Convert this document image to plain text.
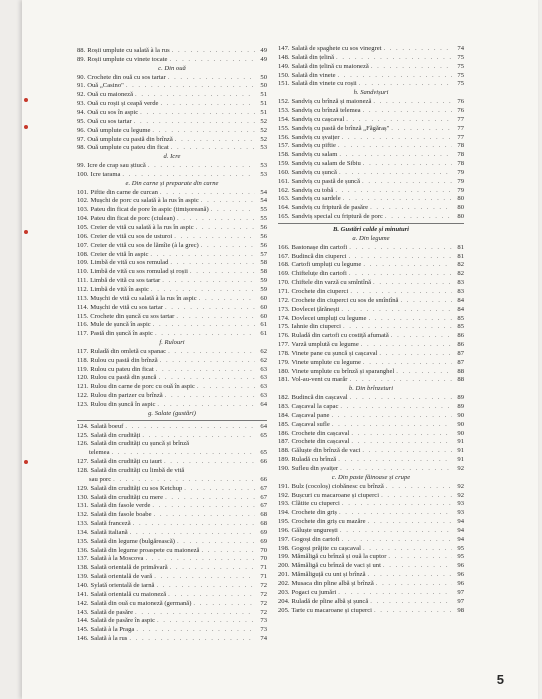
88. Roșii umplute cu salată à la rus . . .	49
89. Roșii umplute cu vinete tocate . . .	49
c. Din ouă
90. Crochete din ouă cu sos tartar . . .	50
91. Ouă „Casino" . . .	50
92. Ouă cu maioneză . . .	51
93. Ouă cu roșii și ceapă verde . . .	51
94. Ouă cu sos în aspic . . .	51
95. Ouă cu sos tartar . . .	52
96. Ouă umplute cu legume . . .	52
97. Ouă umplute cu pastă din brînză . . .	52
98. Ouă umplute cu pateu din ficat . . .	53
d. Icre
99. Icre de crap sau știucă . . .	53
100. Icre tarama . . .	53
e. Din carne și preparate din carne
101. Piftie din carne de curcan . . .	54
102. Mușchi de porc cu salată à la rus în aspic . . .	54
103. Pateu din ficat de pore în aspic (timișoreană) . . .	55
104. Pateu din ficat de porc (ciulean) . . .	55
105. Creier de vită cu salată à la rus în aspic . . .	56
106. Creier de vită cu sos de usturoi . . .	56
107. Creier de vită cu sos de lămîie (à la grec) . . .	56
108. Creier de vită în aspic . . .	57
109. Limbă de vită cu sos remulad . . .	58
110. Limbă de vită cu sos romulad și roșii . . .	58
111. Limbă de vită cu sos tartar . . .	59
112. Limbă de vită în aspic . . .	59
113. Mușchi de vită cu salată à la rus în aspic . . .	60
114. Mușchi de vită cu sos tartar . . .	60
115. Crochete din șuncă cu sos tartar . . .	60
116. Mule de șuncă în aspic . . .	61
117. Pastă din șuncă în aspic . . .	61
f. Rulouri
117. Ruladă din omletă cu spanac . . .	62
118. Rulou cu pastă din brînză . . .	62
119. Rulou cu pateu din ficat . . .	63
120. Rulou cu pastă din șuncă . . .	63
121. Rulou din carne de porc cu ouă în aspic . . .	63
122. Rulou din parizer cu brînză . . .	63
123. Rulou din șuncă în aspic . . .	64
g. Salate (gustări)
124. Salată boeuf . . .	64
125. Salată din crudități . . .	65
126. Salată din crudități cu șuncă și brînză
telemea . . .	65
127. Salată din crudități cu iaurt . . .	66
128. Salată din crudități cu limbă de vită
sau porc . . .	66
129. Salată din crudități cu sos Ketchup . . .	67
130. Salată din crudități cu mere . . .	67
131. Salată din fasole verde . . .	67
132. Salată din fasole boabe . . .	68
133. Salată franceză . . .	68
134. Salată italiană . . .	69
135. Salată din legume (bulgărească) . . .	69
136. Salată din legume proaspete cu maioneză . . .	70
137. Salată à la Moscova . . .	70
138. Salată orientală de primăvară . . .	71
139. Salată orientală de vară . . .	71
140. Sylată orientală de iarnă . . .	72
141. Salată orientală cu maioneză . . .	72
142. Salată din ouă cu maioneză (germană) . . .	72
143. Salată de pasăre . . .	72
144. Salată de pasăre în aspic . . .	73
145. Salată à la Praga . . .	73
146. Salată à la rus . . .	74
147. Salată de spaghete cu sos vinegret . . .	74
148. Salată din țelină . . .	75
149. Salată din țelină cu maioneză . . .	75
150. Salată din vinete . . .	75
151. Salată din vinete cu roșii . . .	75
h. Sandvișuri
152. Sandviș cu brînză și maioneză . . .	76
153. Sandviș cu brînză telemea . . .	76
154. Sandviș cu cașcaval . . .	77
155. Sandviș cu pastă de brînză „Făgăraș" . . .	77
156. Sandviș cu șvaițer . . .	77
157. Sandviș cu piftie . . .	78
158. Sandviș cu salam . . .	78
159. Sandviș cu salam de Sibiu . . .	78
160. Sandviș cu șuncă . . .	79
161. Sandviș cu pastă de șuncă . . .	79
162. Sandviș cu tobă . . .	79
163. Sandviș cu sardele . . .	80
164. Sandviș cu friptură de pasăre . . .	80
165. Sandviș special cu friptură de porc . . .	80
B. Gustări calde și minuturi
a. Din legume
166. Bastonașe din cartofi . . .	81
167. Budincă din ciuperci . . .	81
168. Cartofi umpluți cu legume . . .	82
169. Chifteluțe din cartofi . . .	82
170. Chiftele din varză cu smîntînă . . .	83
171. Crochete din ciuperci . . .	83
172. Crochete din ciuperci cu sos de smîntînă . . .	84
173. Dovlecei țărănești . . .	84
174. Dovlecei umpluți cu legume . . .	85
175. Iahnie din ciuperci . . .	85
176. Ruladă din cartofi cu costiță afumată . . .	86
177. Varză umplută cu legume . . .	86
178. Vinete pane cu șuncă și cașcaval . . .	87
179. Vinete umplute cu legume . . .	87
180. Vinete umplute cu brînză și sparanghel . . .	88
181. Vol-au-vent cu marăr . . .	88
b. Din brînzeturi
182. Budincă din cașcaval . . .	89
183. Cașcaval la capac . . .	89
184. Cașcaval pane . . .	90
185. Cașcaval sufle . . .	90
186. Crochete din cașcaval . . .	90
187. Crochete din cașcaval . . .	91
188. Găluște din brînză de vaci . . .	91
189. Ruladă cu brînză . . .	91
190. Sufleu din șvaițer . . .	92
c. Din paste făinoase și crupe
191. Bulz (cocoloș) ciobănesc cu brînză . . .	92
192. Bușcuri cu macaroane și ciuperci . . .	92
193. Clătite cu ciuperci . . .	93
194. Crochete din griș . . .	93
195. Crochete din griș cu mazăre . . .	94
196. Găluște ungurești . . .	94
197. Gogoși din cartofi . . .	94
198. Gogoși prăjite cu cașcaval . . .	95
199. Mămăligă cu brînză și ouă la cuptor . . .	95
200. Mămăligă cu brînză de vaci și unt . . .	96
201. Mămăliguță cu unt și brînză . . .	96
202. Musaca din pîine albă și brînză . . .	96
203. Pogaci cu jumări . . .	97
204. Ruladă de pîine albă și șuncă . . .	97
205. Tarte cu macaroane și ciuperci . . .	98
5
